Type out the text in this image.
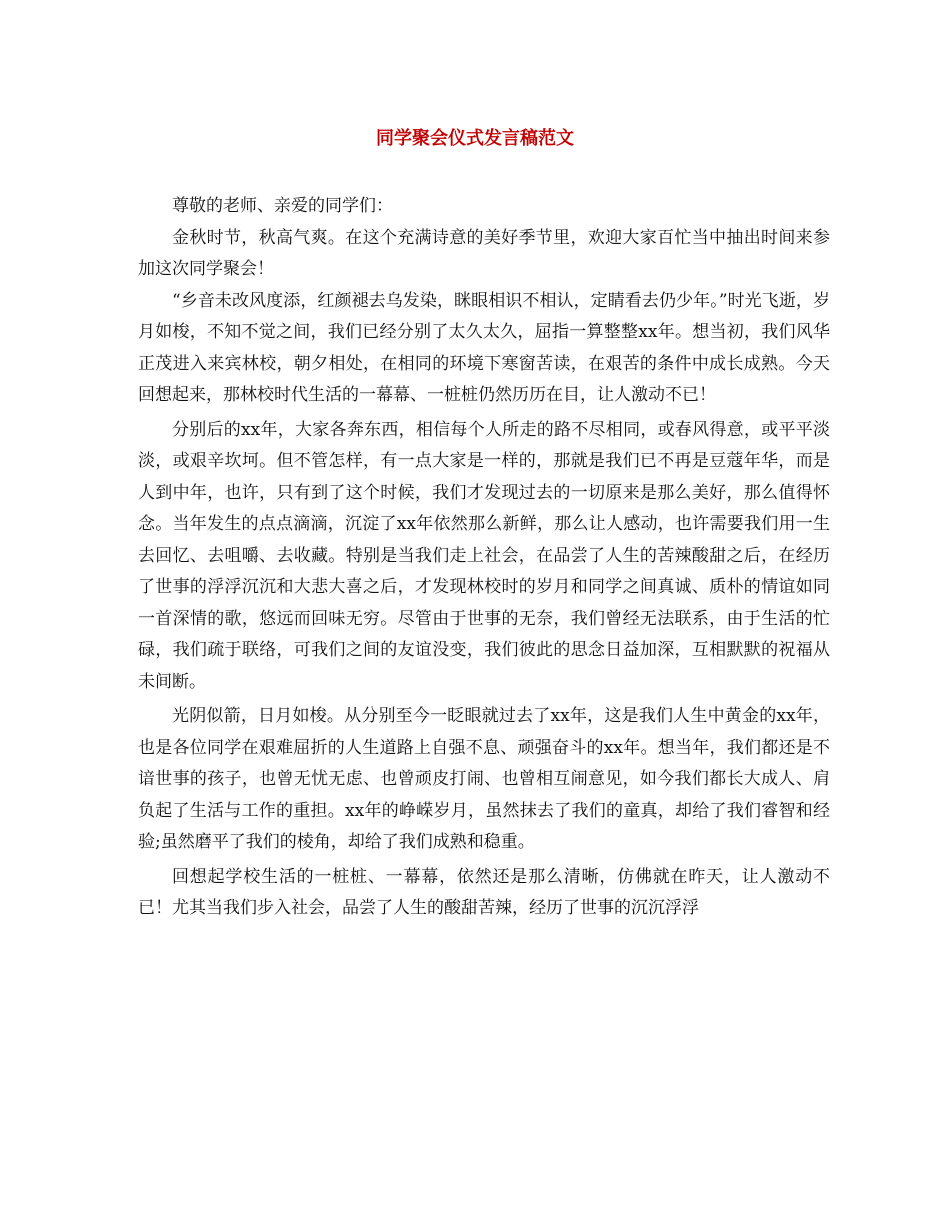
同学聚会仪式发言稿范文

尊敬的老师、亲爱的同学们：

金秋时节，秋高气爽。在这个充满诗意的美好季节里，欢迎大家百忙当中抽出时间来参加这次同学聚会！

“乡音未改风度添，红颜褪去乌发染，眯眼相识不相认，定睛看去仍少年。”时光飞逝，岁月如梭，不知不觉之间，我们已经分别了太久太久，屈指一算整整xx年。想当初，我们风华正茂进入来宾林校，朝夕相处，在相同的环境下寒窗苦读，在艰苦的条件中成长成熟。今天回想起来，那林校时代生活的一幕幕、一桩桩仍然历历在目，让人激动不已！

分别后的xx年，大家各奔东西，相信每个人所走的路不尽相同，或春风得意，或平平淡淡，或艰辛坎坷。但不管怎样，有一点大家是一样的，那就是我们已不再是豆蔻年华，而是人到中年，也许，只有到了这个时候，我们才发现过去的一切原来是那么美好，那么值得怀念。当年发生的点点滴滴，沉淀了xx年依然那么新鲜，那么让人感动，也许需要我们用一生去回忆、去咀嚼、去收藏。特别是当我们走上社会，在品尝了人生的苦辣酸甜之后，在经历了世事的浮浮沉沉和大悲大喜之后，才发现林校时的岁月和同学之间真诚、质朴的情谊如同一首深情的歌，悠远而回味无穷。尽管由于世事的无奈，我们曾经无法联系，由于生活的忙碌，我们疏于联络，可我们之间的友谊没变，我们彼此的思念日益加深，互相默默的祝福从未间断。

光阴似箭，日月如梭。从分别至今一眨眼就过去了xx年，这是我们人生中黄金的xx年，也是各位同学在艰难屈折的人生道路上自强不息、顽强奋斗的xx年。想当年，我们都还是不谙世事的孩子，也曾无忧无虑、也曾顽皮打闹、也曾相互闹意见，如今我们都长大成人、肩负起了生活与工作的重担。xx年的峥嵘岁月，虽然抹去了我们的童真，却给了我们睿智和经验;虽然磨平了我们的棱角，却给了我们成熟和稳重。

回想起学校生活的一桩桩、一幕幕，依然还是那么清晰，仿佛就在昨天，让人激动不已！尤其当我们步入社会，品尝了人生的酸甜苦辣，经历了世事的沉沉浮浮
